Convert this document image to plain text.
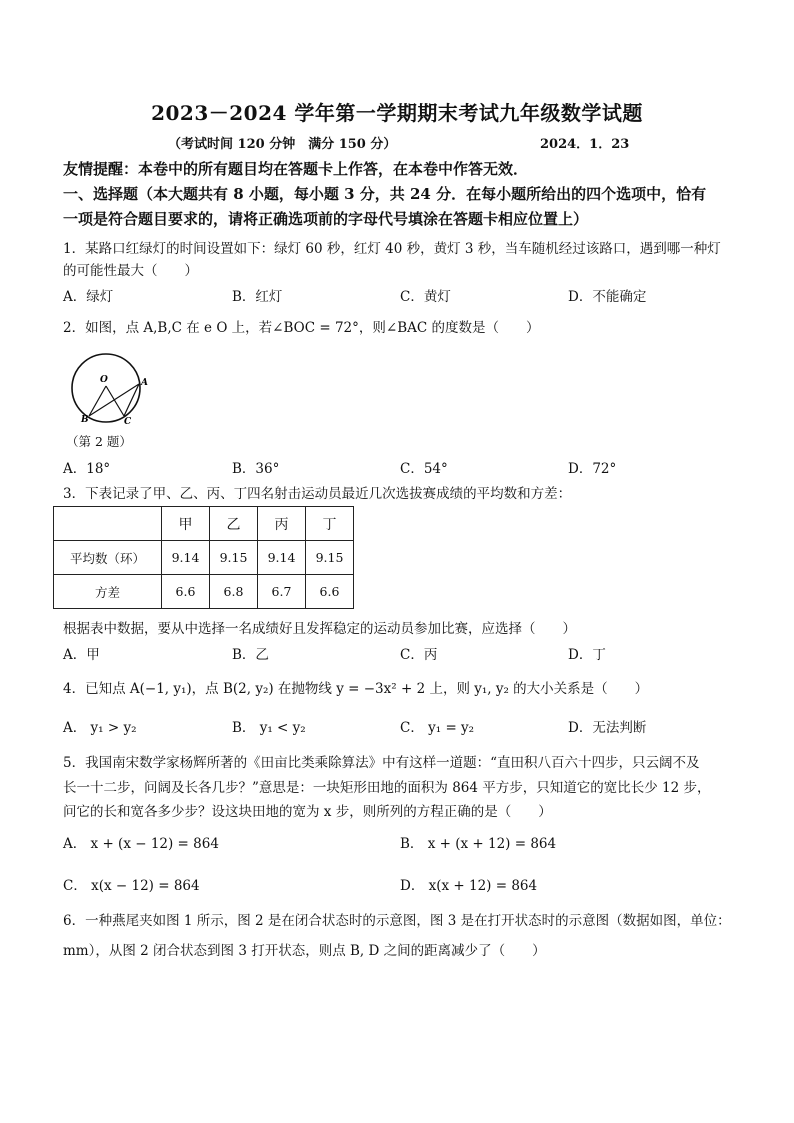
2023－2024 学年第一学期期末考试九年级数学试题
（考试时间 120 分钟　满分 150 分）	2024．1．23
友情提醒：本卷中的所有题目均在答题卡上作答，在本卷中作答无效．
一、选择题（本大题共有 8 小题，每小题 3 分，共 24 分．在每小题所给出的四个选项中，恰有
一项是符合题目要求的，请将正确选项前的字母代号填涂在答题卡相应位置上）
1．某路口红绿灯的时间设置如下：绿灯 60 秒，红灯 40 秒，黄灯 3 秒，当车随机经过该路口，遇到哪一种灯
的可能性最大（　　）
A．绿灯	B．红灯	C．黄灯	D．不能确定
2．如图，点 A,B,C 在 e O 上，若∠BOC = 72°，则∠BAC 的度数是（　　）
O	A
B	C
（第 2 题）
A．18°	B．36°	C．54°	D．72°
3．下表记录了甲、乙、丙、丁四名射击运动员最近几次选拔赛成绩的平均数和方差：
	甲	乙	丙	丁
平均数（环）	9.14	9.15	9.14	9.15
方差	6.6	6.8	6.7	6.6
根据表中数据，要从中选择一名成绩好且发挥稳定的运动员参加比赛，应选择（　　）
A．甲	B．乙	C．丙	D．丁
4．已知点 A(−1, y₁)，点 B(2, y₂) 在抛物线 y = −3x² + 2 上，则 y₁, y₂ 的大小关系是（　　）
A． y₁ > y₂	B． y₁ < y₂	C． y₁ = y₂	D．无法判断
5．我国南宋数学家杨辉所著的《田亩比类乘除算法》中有这样一道题：“直田积八百六十四步，只云阔不及
长一十二步，问阔及长各几步？”意思是：一块矩形田地的面积为 864 平方步，只知道它的宽比长少 12 步，
问它的长和宽各多少步？设这块田地的宽为 x 步，则所列的方程正确的是（　　）
A． x + (x − 12) = 864	B． x + (x + 12) = 864
C． x(x − 12) = 864	D． x(x + 12) = 864
6．一种燕尾夹如图 1 所示，图 2 是在闭合状态时的示意图，图 3 是在打开状态时的示意图（数据如图，单位：
mm），从图 2 闭合状态到图 3 打开状态，则点 B, D 之间的距离减少了（　　）
